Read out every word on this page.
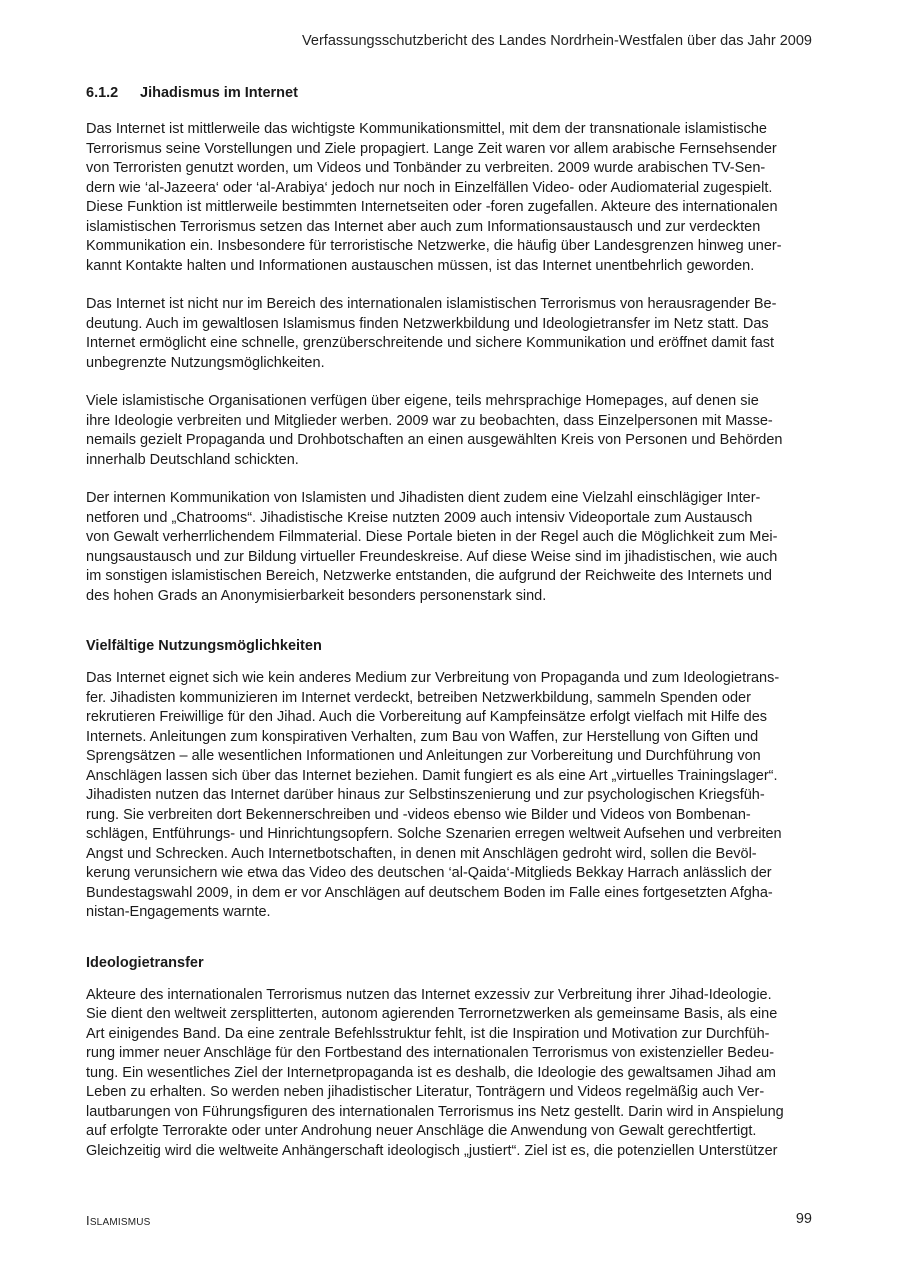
Verfassungsschutzbericht des Landes Nordrhein-Westfalen über das Jahr 2009
6.1.2 Jihadismus im Internet

Das Internet ist mittlerweile das wichtigste Kommunikationsmittel, mit dem der transnationale islamistische
Terrorismus seine Vorstellungen und Ziele propagiert. Lange Zeit waren vor allem arabische Fernsehsender
von Terroristen genutzt worden, um Videos und Tonbänder zu verbreiten. 2009 wurde arabischen TV-Sen-
dern wie ‘al-Jazeera‘ oder ‘al-Arabiya‘ jedoch nur noch in Einzelfällen Video- oder Audiomaterial zugespielt.
Diese Funktion ist mittlerweile bestimmten Internetseiten oder -foren zugefallen. Akteure des internationalen
islamistischen Terrorismus setzen das Internet aber auch zum Informationsaustausch und zur verdeckten
Kommunikation ein. Insbesondere für terroristische Netzwerke, die häufig über Landesgrenzen hinweg uner-
kannt Kontakte halten und Informationen austauschen müssen, ist das Internet unentbehrlich geworden.

Das Internet ist nicht nur im Bereich des internationalen islamistischen Terrorismus von herausragender Be-
deutung. Auch im gewaltlosen Islamismus finden Netzwerkbildung und Ideologietransfer im Netz statt. Das
Internet ermöglicht eine schnelle, grenzüberschreitende und sichere Kommunikation und eröffnet damit fast
unbegrenzte Nutzungsmöglichkeiten.

Viele islamistische Organisationen verfügen über eigene, teils mehrsprachige Homepages, auf denen sie
ihre Ideologie verbreiten und Mitglieder werben. 2009 war zu beobachten, dass Einzelpersonen mit Masse-
nemails gezielt Propaganda und Drohbotschaften an einen ausgewählten Kreis von Personen und Behörden
innerhalb Deutschland schickten.

Der internen Kommunikation von Islamisten und Jihadisten dient zudem eine Vielzahl einschlägiger Inter-
netforen und „Chatrooms“. Jihadistische Kreise nutzten 2009 auch intensiv Videoportale zum Austausch
von Gewalt verherrlichendem Filmmaterial. Diese Portale bieten in der Regel auch die Möglichkeit zum Mei-
nungsaustausch und zur Bildung virtueller Freundeskreise. Auf diese Weise sind im jihadistischen, wie auch
im sonstigen islamistischen Bereich, Netzwerke entstanden, die aufgrund der Reichweite des Internets und
des hohen Grads an Anonymisierbarkeit besonders personenstark sind.

Vielfältige Nutzungsmöglichkeiten

Das Internet eignet sich wie kein anderes Medium zur Verbreitung von Propaganda und zum Ideologietrans-
fer. Jihadisten kommunizieren im Internet verdeckt, betreiben Netzwerkbildung, sammeln Spenden oder
rekrutieren Freiwillige für den Jihad. Auch die Vorbereitung auf Kampfeinsätze erfolgt vielfach mit Hilfe des
Internets. Anleitungen zum konspirativen Verhalten, zum Bau von Waffen, zur Herstellung von Giften und
Sprengsätzen – alle wesentlichen Informationen und Anleitungen zur Vorbereitung und Durchführung von
Anschlägen lassen sich über das Internet beziehen. Damit fungiert es als eine Art „virtuelles Trainingslager“.
Jihadisten nutzen das Internet darüber hinaus zur Selbstinszenierung und zur psychologischen Kriegsfüh-
rung. Sie verbreiten dort Bekennerschreiben und -videos ebenso wie Bilder und Videos von Bombenan-
schlägen, Entführungs- und Hinrichtungsopfern. Solche Szenarien erregen weltweit Aufsehen und verbreiten
Angst und Schrecken. Auch Internetbotschaften, in denen mit Anschlägen gedroht wird, sollen die Bevöl-
kerung verunsichern wie etwa das Video des deutschen ‘al-Qaida‘-Mitglieds Bekkay Harrach anlässlich der
Bundestagswahl 2009, in dem er vor Anschlägen auf deutschem Boden im Falle eines fortgesetzten Afgha-
nistan-Engagements warnte.

Ideologietransfer

Akteure des internationalen Terrorismus nutzen das Internet exzessiv zur Verbreitung ihrer Jihad-Ideologie.
Sie dient den weltweit zersplitterten, autonom agierenden Terrornetzwerken als gemeinsame Basis, als eine
Art einigendes Band. Da eine zentrale Befehlsstruktur fehlt, ist die Inspiration und Motivation zur Durchfüh-
rung immer neuer Anschläge für den Fortbestand des internationalen Terrorismus von existenzieller Bedeu-
tung. Ein wesentliches Ziel der Internetpropaganda ist es deshalb, die Ideologie des gewaltsamen Jihad am
Leben zu erhalten. So werden neben jihadistischer Literatur, Tonträgern und Videos regelmäßig auch Ver-
lautbarungen von Führungsfiguren des internationalen Terrorismus ins Netz gestellt. Darin wird in Anspielung
auf erfolgte Terrorakte oder unter Androhung neuer Anschläge die Anwendung von Gewalt gerechtfertigt.
Gleichzeitig wird die weltweite Anhängerschaft ideologisch „justiert“. Ziel ist es, die potenziellen Unterstützer

ISLAMISMUS	99
